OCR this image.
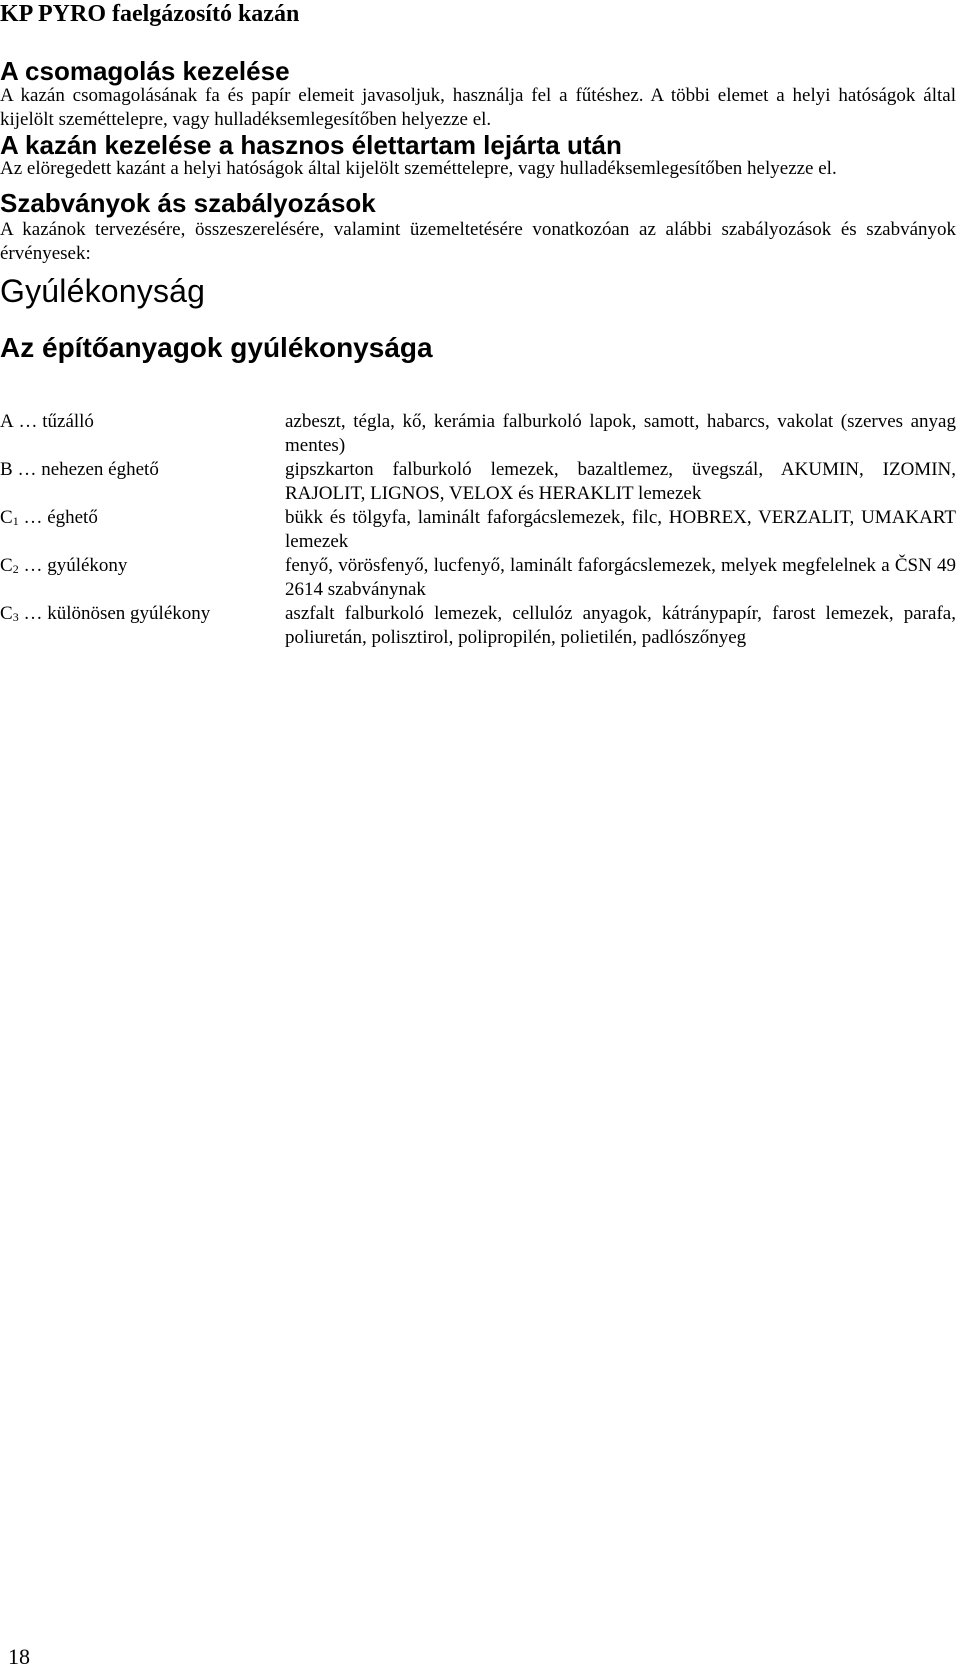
KP PYRO faelgázosító kazán
A csomagolás kezelése

A kazán csomagolásának fa és papír elemeit javasoljuk, használja fel a fűtéshez. A többi elemet a helyi hatóságok által kijelölt szeméttelepre, vagy hulladéksemlegesítőben helyezze el.

A kazán kezelése a hasznos élettartam lejárta után

Az elöregedett kazánt a helyi hatóságok által kijelölt szeméttelepre, vagy hulladéksemlegesítőben helyezze el.

Szabványok ás szabályozások

A kazánok tervezésére, összeszerelésére, valamint üzemeltetésére vonatkozóan az alábbi szabályozások és szabványok érvényesek:

Gyúlékonyság
Az építőanyagok gyúlékonysága
A … tűzálló	azbeszt, tégla, kő, kerámia falburkoló lapok, samott, habarcs, vakolat (szerves anyag mentes)
B … nehezen éghető	gipszkarton falburkoló lemezek, bazaltlemez, üvegszál, AKUMIN, IZOMIN, RAJOLIT, LIGNOS, VELOX és HERAKLIT lemezek
$C_1$ … éghető	bükk és tölgyfa, laminált faforgácslemezek, filc, HOBREX, VERZALIT, UMAKART lemezek
$C_2$ … gyúlékony	fenyő, vörösfenyő, lucfenyő, laminált faforgácslemezek, melyek megfelelnek a ČSN 49 2614 szabványnak
$C_3$ … különösen gyúlékony	aszfalt falburkoló lemezek, cellulóz anyagok, kátránypapír, farost lemezek, parafa, poliuretán, polisztirol, polipropilén, polietilén, padlószőnyeg
18
